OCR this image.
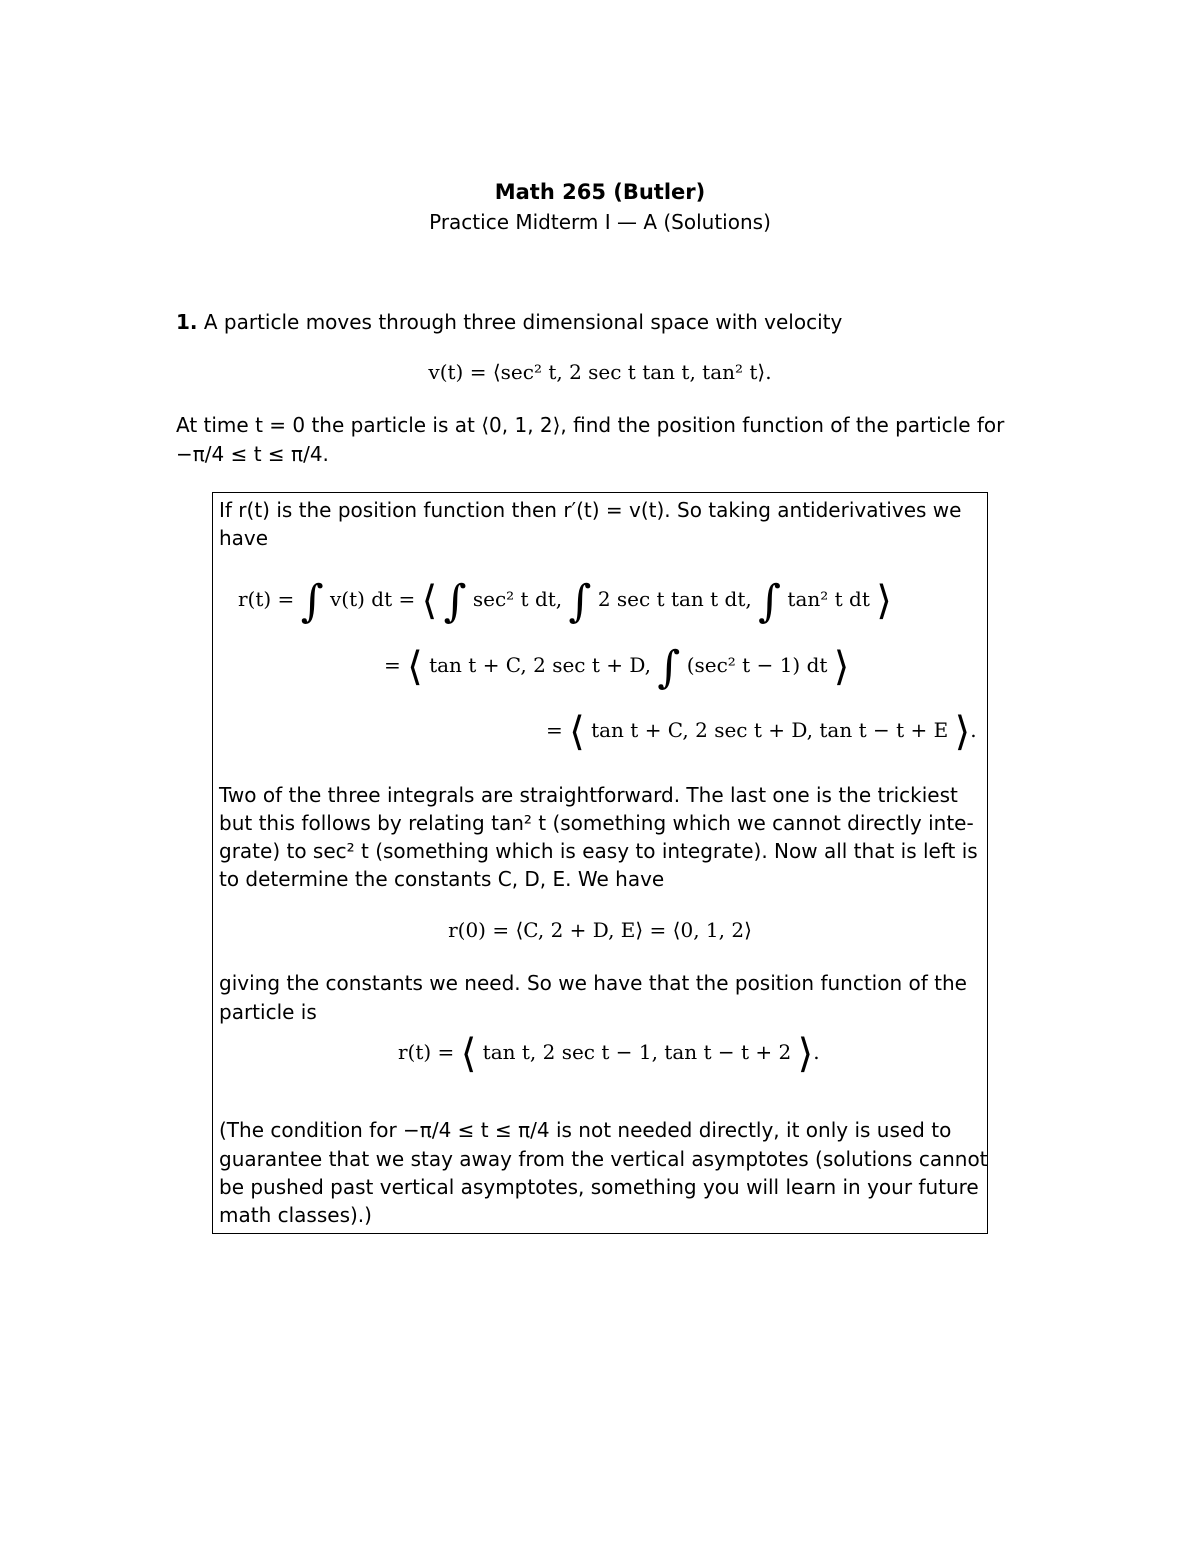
Math 265 (Butler)
Practice Midterm I — A (Solutions)
1. A particle moves through three dimensional space with velocity
v(t) = ⟨sec² t, 2 sec t tan t, tan² t⟩.
At time t = 0 the particle is at ⟨0, 1, 2⟩, find the position function of the particle for
−π/4 ≤ t ≤ π/4.
If r(t) is the position function then r′(t) = v(t). So taking antiderivatives we
have
r(t) = ∫ v(t) dt = ⟨ ∫ sec² t dt, ∫ 2 sec t tan t dt, ∫ tan² t dt ⟩
= ⟨ tan t + C, 2 sec t + D, ∫ (sec² t − 1) dt ⟩
= ⟨ tan t + C, 2 sec t + D, tan t − t + E ⟩.
Two of the three integrals are straightforward. The last one is the trickiest
but this follows by relating tan² t (something which we cannot directly inte-
grate) to sec² t (something which is easy to integrate). Now all that is left is
to determine the constants C, D, E. We have
r(0) = ⟨C, 2 + D, E⟩ = ⟨0, 1, 2⟩
giving the constants we need. So we have that the position function of the
particle is
r(t) = ⟨ tan t, 2 sec t − 1, tan t − t + 2 ⟩.
(The condition for −π/4 ≤ t ≤ π/4 is not needed directly, it only is used to
guarantee that we stay away from the vertical asymptotes (solutions cannot
be pushed past vertical asymptotes, something you will learn in your future
math classes).)
